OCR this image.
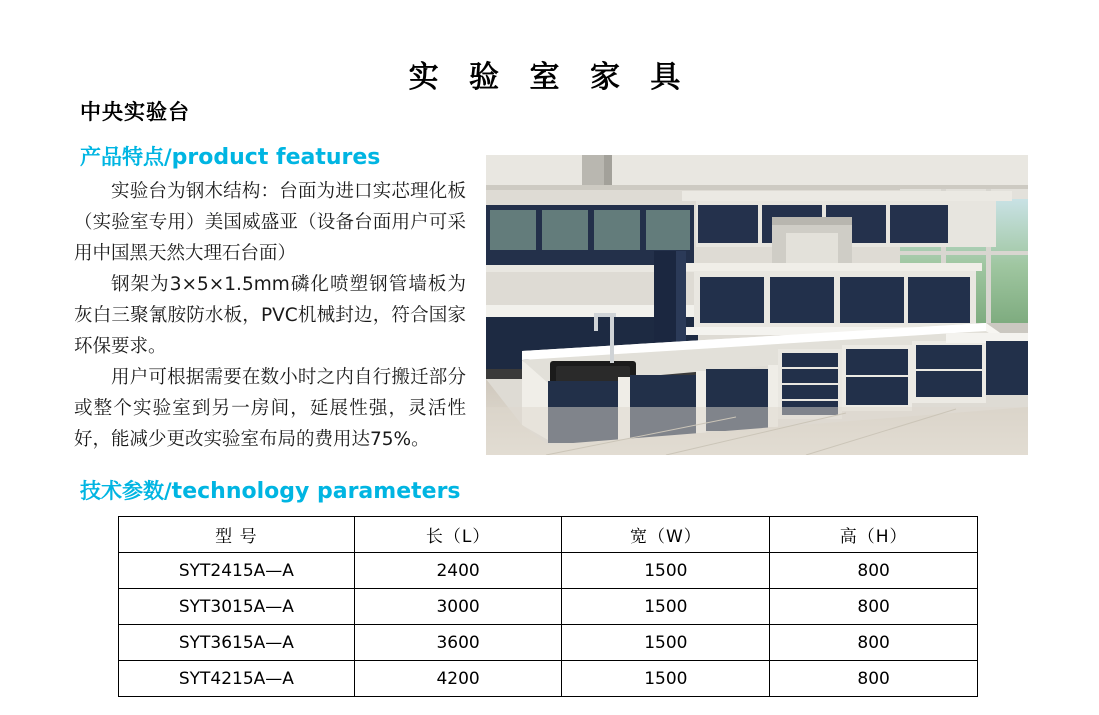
实 验 室 家 具
中央实验台
产品特点/product features

实验台为钢木结构：台面为进口实芯理化板（实验室专用）美国威盛亚（设备台面用户可采用中国黑天然大理石台面）

钢架为3×5×1.5mm磷化喷塑钢管墙板为灰白三聚氰胺防水板，PVC机械封边，符合国家环保要求。

用户可根据需要在数小时之内自行搬迁部分或整个实验室到另一房间，延展性强，灵活性好，能减少更改实验室布局的费用达75%。

技术参数/technology parameters
型 号	长（L）	宽（W）	高（H）
SYT2415A—A	2400	1500	800
SYT3015A—A	3000	1500	800
SYT3615A—A	3600	1500	800
SYT4215A—A	4200	1500	800
